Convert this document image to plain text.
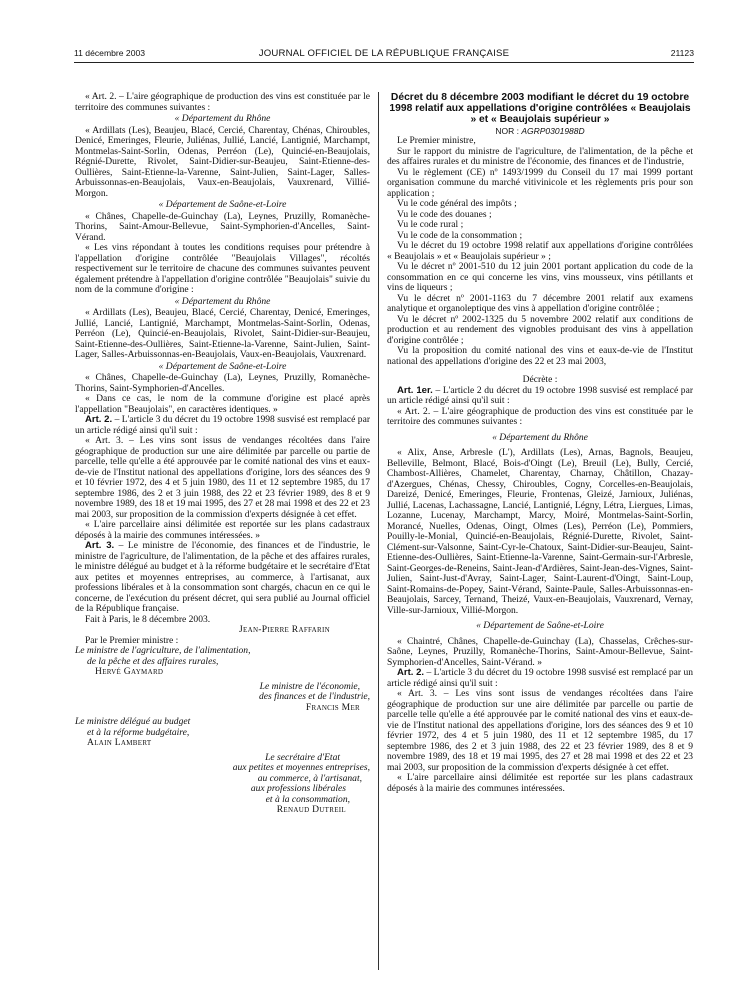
11 décembre 2003	JOURNAL OFFICIEL DE LA RÉPUBLIQUE FRANÇAISE	21123

« Art. 2. – L'aire géographique de production des vins est constituée par le territoire des communes suivantes :

« Département du Rhône

« Ardillats (Les), Beaujeu, Blacé, Cercié, Charentay, Chénas, Chiroubles, Denicé, Emeringes, Fleurie, Juliénas, Jullié, Lancié, Lantignié, Marchampt, Montmelas-Saint-Sorlin, Odenas, Perréon (Le), Quincié-en-Beaujolais, Régnié-Durette, Rivolet, Saint-Didier-sur-Beaujeu, Saint-Etienne-des-Oullières, Saint-Etienne-la-Varenne, Saint-Julien, Saint-Lager, Salles-Arbuissonnas-en-Beaujolais, Vaux-en-Beaujolais, Vauxrenard, Villié-Morgon.

« Département de Saône-et-Loire

« Chânes, Chapelle-de-Guinchay (La), Leynes, Pruzilly, Romanèche-Thorins, Saint-Amour-Bellevue, Saint-Symphorien-d'Ancelles, Saint-Vérand.

« Les vins répondant à toutes les conditions requises pour prétendre à l'appellation d'origine contrôlée "Beaujolais Villages", récoltés respectivement sur le territoire de chacune des communes suivantes peuvent également prétendre à l'appellation d'origine contrôlée "Beaujolais" suivie du nom de la commune d'origine :

« Département du Rhône

« Ardillats (Les), Beaujeu, Blacé, Cercié, Charentay, Denicé, Emeringes, Jullié, Lancié, Lantignié, Marchampt, Montmelas-Saint-Sorlin, Odenas, Perréon (Le), Quincié-en-Beaujolais, Rivolet, Saint-Didier-sur-Beaujeu, Saint-Etienne-des-Oullières, Saint-Etienne-la-Varenne, Saint-Julien, Saint-Lager, Salles-Arbuissonnas-en-Beaujolais, Vaux-en-Beaujolais, Vauxrenard.

« Département de Saône-et-Loire

« Chânes, Chapelle-de-Guinchay (La), Leynes, Pruzilly, Romanèche-Thorins, Saint-Symphorien-d'Ancelles.

« Dans ce cas, le nom de la commune d'origine est placé après l'appellation "Beaujolais", en caractères identiques. »

Art. 2. – L'article 3 du décret du 19 octobre 1998 susvisé est remplacé par un article rédigé ainsi qu'il suit :

« Art. 3. – Les vins sont issus de vendanges récoltées dans l'aire géographique de production sur une aire délimitée par parcelle ou partie de parcelle, telle qu'elle a été approuvée par le comité national des vins et eaux-de-vie de l'Institut national des appellations d'origine, lors des séances des 9 et 10 février 1972, des 4 et 5 juin 1980, des 11 et 12 septembre 1985, du 17 septembre 1986, des 2 et 3 juin 1988, des 22 et 23 février 1989, des 8 et 9 novembre 1989, des 18 et 19 mai 1995, des 27 et 28 mai 1998 et des 22 et 23 mai 2003, sur proposition de la commission d'experts désignée à cet effet.

« L'aire parcellaire ainsi délimitée est reportée sur les plans cadastraux déposés à la mairie des communes intéressées. »

Art. 3. – Le ministre de l'économie, des finances et de l'industrie, le ministre de l'agriculture, de l'alimentation, de la pêche et des affaires rurales, le ministre délégué au budget et à la réforme budgétaire et le secrétaire d'Etat aux petites et moyennes entreprises, au commerce, à l'artisanat, aux professions libérales et à la consommation sont chargés, chacun en ce qui le concerne, de l'exécution du présent décret, qui sera publié au Journal officiel de la République française.

Fait à Paris, le 8 décembre 2003.

Jean-Pierre Raffarin

Par le Premier ministre :

Le ministre de l'agriculture, de l'alimentation,

de la pêche et des affaires rurales,

Hervé Gaymard

Le ministre de l'économie,

des finances et de l'industrie,

Francis Mer

Le ministre délégué au budget

et à la réforme budgétaire,

Alain Lambert

Le secrétaire d'Etat

aux petites et moyennes entreprises,

au commerce, à l'artisanat,

aux professions libérales

et à la consommation,

Renaud Dutreil

Décret du 8 décembre 2003 modifiant le décret du 19 octobre 1998 relatif aux appellations d'origine contrôlées « Beaujolais » et « Beaujolais supérieur »

NOR : AGRP0301988D

Le Premier ministre,

Sur le rapport du ministre de l'agriculture, de l'alimentation, de la pêche et des affaires rurales et du ministre de l'économie, des finances et de l'industrie,

Vu le règlement (CE) nº 1493/1999 du Conseil du 17 mai 1999 portant organisation commune du marché vitivinicole et les règlements pris pour son application ;

Vu le code général des impôts ;

Vu le code des douanes ;

Vu le code rural ;

Vu le code de la consommation ;

Vu le décret du 19 octobre 1998 relatif aux appellations d'origine contrôlées « Beaujolais » et « Beaujolais supérieur » ;

Vu le décret nº 2001-510 du 12 juin 2001 portant application du code de la consommation en ce qui concerne les vins, vins mousseux, vins pétillants et vins de liqueurs ;

Vu le décret nº 2001-1163 du 7 décembre 2001 relatif aux examens analytique et organoleptique des vins à appellation d'origine contrôlée ;

Vu le décret nº 2002-1325 du 5 novembre 2002 relatif aux conditions de production et au rendement des vignobles produisant des vins à appellation d'origine contrôlée ;

Vu la proposition du comité national des vins et eaux-de-vie de l'Institut national des appellations d'origine des 22 et 23 mai 2003,

Décrète :

Art. 1er. – L'article 2 du décret du 19 octobre 1998 susvisé est remplacé par un article rédigé ainsi qu'il suit :

« Art. 2. – L'aire géographique de production des vins est constituée par le territoire des communes suivantes :

« Département du Rhône

« Alix, Anse, Arbresle (L'), Ardillats (Les), Arnas, Bagnols, Beaujeu, Belleville, Belmont, Blacé, Bois-d'Oingt (Le), Breuil (Le), Bully, Cercié, Chambost-Allières, Chamelet, Charentay, Charnay, Châtillon, Chazay-d'Azergues, Chénas, Chessy, Chiroubles, Cogny, Corcelles-en-Beaujolais, Dareizé, Denicé, Emeringes, Fleurie, Frontenas, Gleizé, Jarnioux, Juliénas, Jullié, Lacenas, Lachassagne, Lancié, Lantignié, Légny, Létra, Liergues, Limas, Lozanne, Lucenay, Marchampt, Marcy, Moiré, Montmelas-Saint-Sorlin, Morancé, Nuelles, Odenas, Oingt, Olmes (Les), Perréon (Le), Pommiers, Pouilly-le-Monial, Quincié-en-Beaujolais, Régnié-Durette, Rivolet, Saint-Clément-sur-Valsonne, Saint-Cyr-le-Chatoux, Saint-Didier-sur-Beaujeu, Saint-Etienne-des-Oullières, Saint-Etienne-la-Varenne, Saint-Germain-sur-l'Arbresle, Saint-Georges-de-Reneins, Saint-Jean-d'Ardières, Saint-Jean-des-Vignes, Saint-Julien, Saint-Just-d'Avray, Saint-Lager, Saint-Laurent-d'Oingt, Saint-Loup, Saint-Romains-de-Popey, Saint-Vérand, Sainte-Paule, Salles-Arbuissonnas-en-Beaujolais, Sarcey, Ternand, Theizé, Vaux-en-Beaujolais, Vauxrenard, Vernay, Ville-sur-Jarnioux, Villié-Morgon.

« Département de Saône-et-Loire

« Chaintré, Chânes, Chapelle-de-Guinchay (La), Chasselas, Crêches-sur-Saône, Leynes, Pruzilly, Romanèche-Thorins, Saint-Amour-Bellevue, Saint-Symphorien-d'Ancelles, Saint-Vérand. »

Art. 2. – L'article 3 du décret du 19 octobre 1998 susvisé est remplacé par un article rédigé ainsi qu'il suit :

« Art. 3. – Les vins sont issus de vendanges récoltées dans l'aire géographique de production sur une aire délimitée par parcelle ou partie de parcelle telle qu'elle a été approuvée par le comité national des vins et eaux-de-vie de l'Institut national des appellations d'origine, lors des séances des 9 et 10 février 1972, des 4 et 5 juin 1980, des 11 et 12 septembre 1985, du 17 septembre 1986, des 2 et 3 juin 1988, des 22 et 23 février 1989, des 8 et 9 novembre 1989, des 18 et 19 mai 1995, des 27 et 28 mai 1998 et des 22 et 23 mai 2003, sur proposition de la commission d'experts désignée à cet effet.

« L'aire parcellaire ainsi délimitée est reportée sur les plans cadastraux déposés à la mairie des communes intéressées.
